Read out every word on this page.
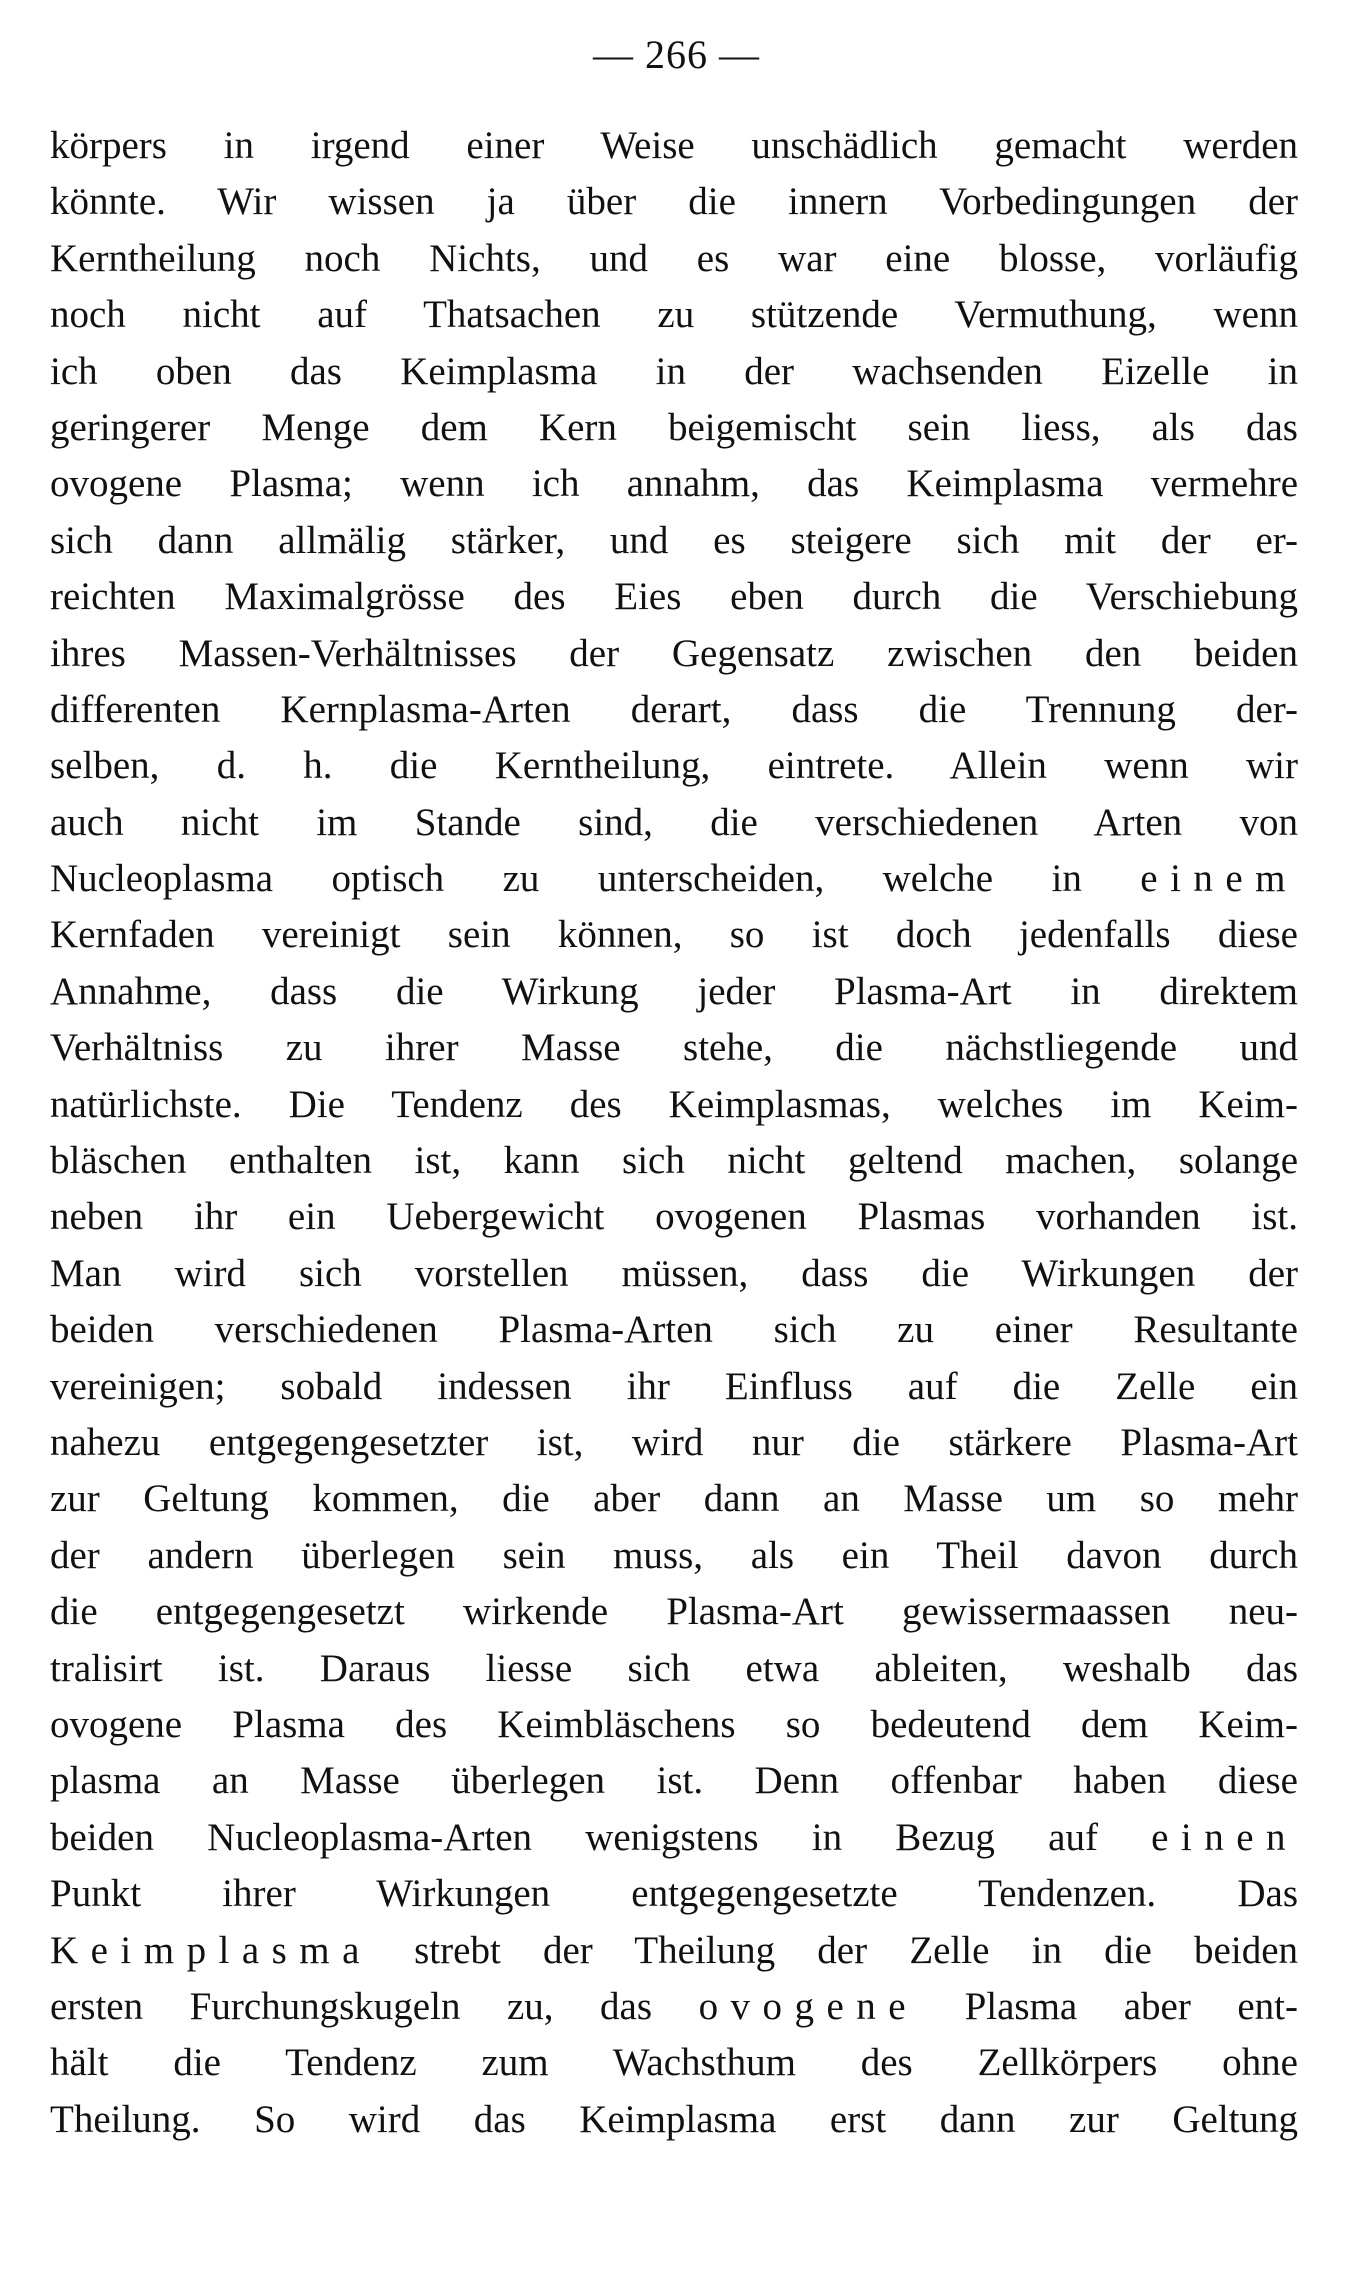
— 266 —
körpers in irgend einer Weise unschädlich gemacht werden
könnte. Wir wissen ja über die innern Vorbedingungen der
Kerntheilung noch Nichts, und es war eine blosse, vorläufig
noch nicht auf Thatsachen zu stützende Vermuthung, wenn
ich oben das Keimplasma in der wachsenden Eizelle in
geringerer Menge dem Kern beigemischt sein liess, als das
ovogene Plasma; wenn ich annahm, das Keimplasma vermehre
sich dann allmälig stärker, und es steigere sich mit der er-
reichten Maximalgrösse des Eies eben durch die Verschiebung
ihres Massen-Verhältnisses der Gegensatz zwischen den beiden
differenten Kernplasma-Arten derart, dass die Trennung der-
selben, d. h. die Kerntheilung, eintrete. Allein wenn wir
auch nicht im Stande sind, die verschiedenen Arten von
Nucleoplasma optisch zu unterscheiden, welche in einem
Kernfaden vereinigt sein können, so ist doch jedenfalls diese
Annahme, dass die Wirkung jeder Plasma-Art in direktem
Verhältniss zu ihrer Masse stehe, die nächstliegende und
natürlichste. Die Tendenz des Keimplasmas, welches im Keim-
bläschen enthalten ist, kann sich nicht geltend machen, solange
neben ihr ein Uebergewicht ovogenen Plasmas vorhanden ist.
Man wird sich vorstellen müssen, dass die Wirkungen der
beiden verschiedenen Plasma-Arten sich zu einer Resultante
vereinigen; sobald indessen ihr Einfluss auf die Zelle ein
nahezu entgegengesetzter ist, wird nur die stärkere Plasma-Art
zur Geltung kommen, die aber dann an Masse um so mehr
der andern überlegen sein muss, als ein Theil davon durch
die entgegengesetzt wirkende Plasma-Art gewissermaassen neu-
tralisirt ist. Daraus liesse sich etwa ableiten, weshalb das
ovogene Plasma des Keimbläschens so bedeutend dem Keim-
plasma an Masse überlegen ist. Denn offenbar haben diese
beiden Nucleoplasma-Arten wenigstens in Bezug auf einen
Punkt ihrer Wirkungen entgegengesetzte Tendenzen. Das
Keimplasma strebt der Theilung der Zelle in die beiden
ersten Furchungskugeln zu, das ovogene Plasma aber ent-
hält die Tendenz zum Wachsthum des Zellkörpers ohne
Theilung. So wird das Keimplasma erst dann zur Geltung
